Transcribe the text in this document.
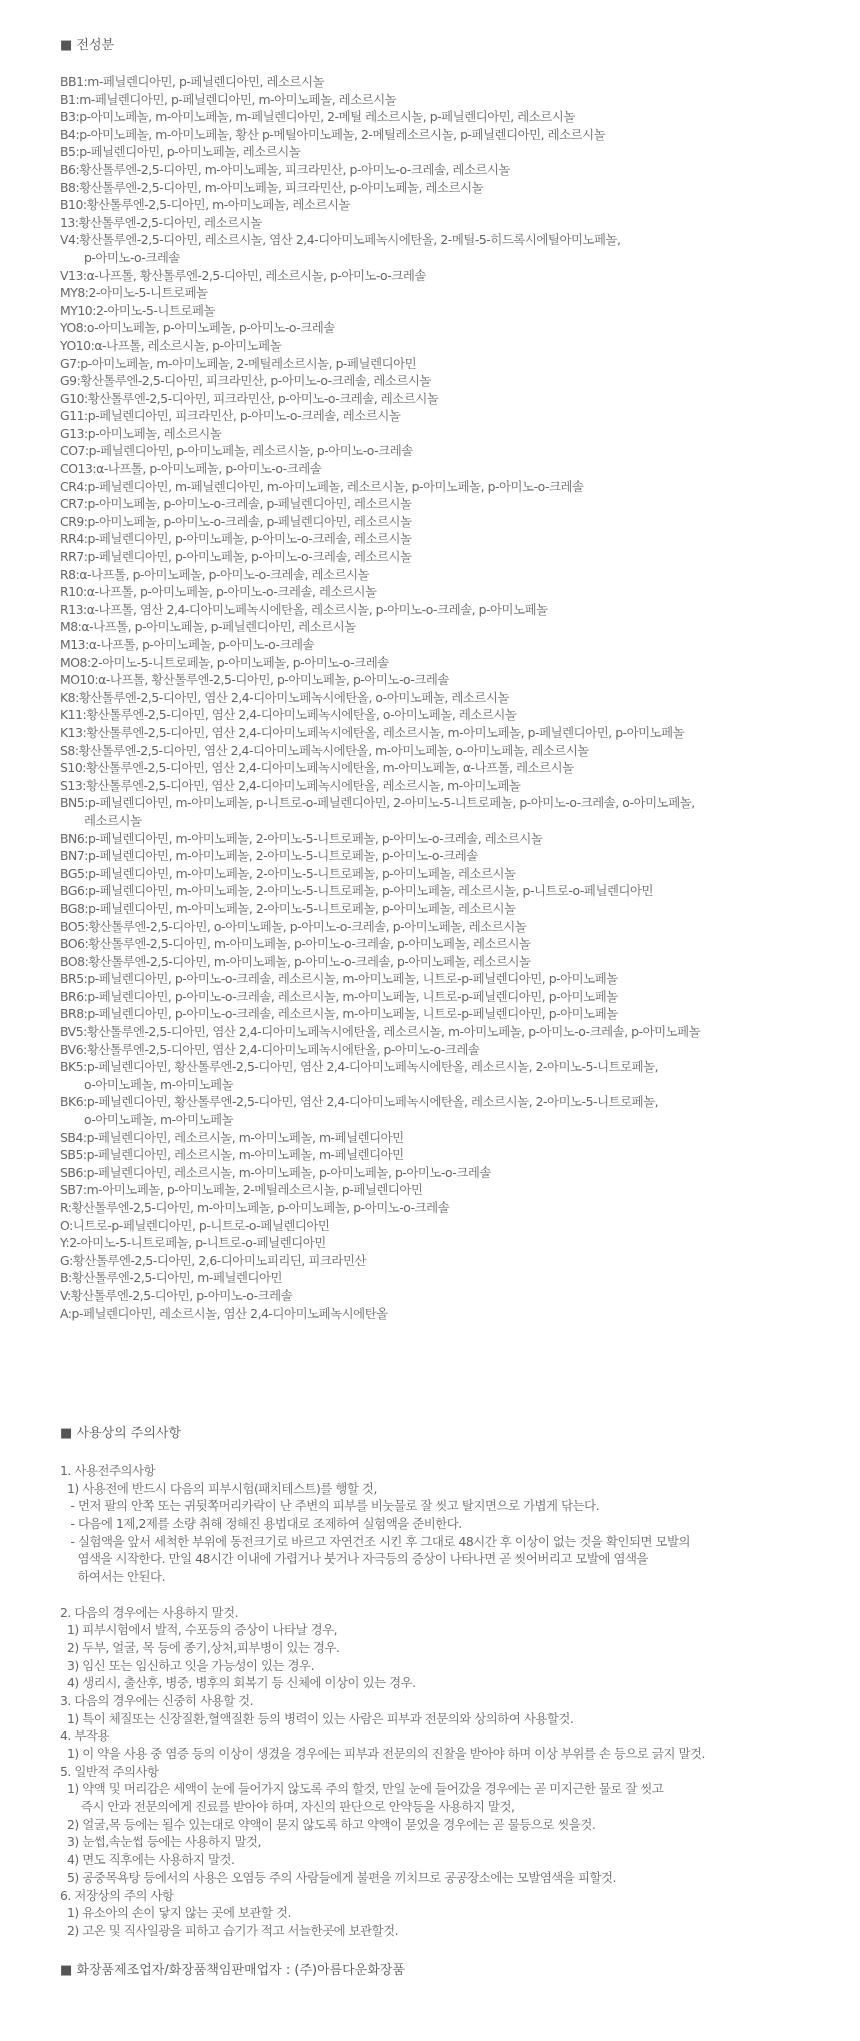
■ 전성분
BB1:m-페닐렌디아민, p-페닐렌디아민, 레소르시놀
B1:m-페닐렌디아민, p-페닐렌디아민, m-아미노페놀, 레소르시놀
B3:p-아미노페놀, m-아미노페놀, m-페닐렌디아민, 2-메틸 레소르시놀, p-페닐렌디아민, 레소르시놀
B4:p-아미노페놀, m-아미노페놀, 황산 p-메틸아미노페놀, 2-메틸레소르시놀, p-페닐렌디아민, 레소르시놀
B5:p-페닐렌디아민, p-아미노페놀, 레소르시놀
B6:황산톨루엔-2,5-디아민, m-아미노페놀, 피크라민산, p-아미노-o-크레솔, 레소르시놀
B8:황산톨루엔-2,5-디아민, m-아미노페놀, 피크라민산, p-아미노페놀, 레소르시놀
B10:황산톨루엔-2,5-디아민, m-아미노페놀, 레소르시놀
13:황산톨루엔-2,5-디아민, 레소르시놀
V4:황산톨루엔-2,5-디아민, 레소르시놀, 염산 2,4-디아미노페녹시에탄올, 2-메틸-5-히드록시에틸아미노페놀,
p-아미노-o-크레솔
V13:α-나프톨, 황산톨루엔-2,5-디아민, 레소르시놀, p-아미노-o-크레솔
MY8:2-아미노-5-니트로페놀
MY10:2-아미노-5-니트로페놀
YO8:o-아미노페놀, p-아미노페놀, p-아미노-o-크레솔
YO10:α-나프톨, 레소르시놀, p-아미노페놀
G7:p-아미노페놀, m-아미노페놀, 2-메틸레소르시놀, p-페닐렌디아민
G9:황산톨루엔-2,5-디아민, 피크라민산, p-아미노-o-크레솔, 레소르시놀
G10:황산톨루엔-2,5-디아민, 피크라민산, p-아미노-o-크레솔, 레소르시놀
G11:p-페닐렌디아민, 피크라민산, p-아미노-o-크레솔, 레소르시놀
G13:p-아미노페놀, 레소르시놀
CO7:p-페닐렌디아민, p-아미노페놀, 레소르시놀, p-아미노-o-크레솔
CO13:α-나프톨, p-아미노페놀, p-아미노-o-크레솔
CR4:p-페닐렌디아민, m-페닐렌디아민, m-아미노페놀, 레소르시놀, p-아미노페놀, p-아미노-o-크레솔
CR7:p-아미노페놀, p-아미노-o-크레솔, p-페닐렌디아민, 레소르시놀
CR9:p-아미노페놀, p-아미노-o-크레솔, p-페닐렌디아민, 레소르시놀
RR4:p-페닐렌디아민, p-아미노페놀, p-아미노-o-크레솔, 레소르시놀
RR7:p-페닐렌디아민, p-아미노페놀, p-아미노-o-크레솔, 레소르시놀
R8:α-나프톨, p-아미노페놀, p-아미노-o-크레솔, 레소르시놀
R10:α-나프톨, p-아미노페놀, p-아미노-o-크레솔, 레소르시놀
R13:α-나프톨, 염산 2,4-디아미노페녹시에탄올, 레소르시놀, p-아미노-o-크레솔, p-아미노페놀
M8:α-나프톨, p-아미노페놀, p-페닐렌디아민, 레소르시놀
M13:α-나프톨, p-아미노페놀, p-아미노-o-크레솔
MO8:2-아미노-5-니트로페놀, p-아미노페놀, p-아미노-o-크레솔
MO10:α-나프톨, 황산톨루엔-2,5-디아민, p-아미노페놀, p-아미노-o-크레솔
K8:황산톨루엔-2,5-디아민, 염산 2,4-디아미노페녹시에탄올, o-아미노페놀, 레소르시놀
K11:황산톨루엔-2,5-디아민, 염산 2,4-디아미노페녹시에탄올, o-아미노페놀, 레소르시놀
K13:황산톨루엔-2,5-디아민, 염산 2,4-디아미노페녹시에탄올, 레소르시놀, m-아미노페놀, p-페닐렌디아민, p-아미노페놀
S8:황산톨루엔-2,5-디아민, 염산 2,4-디아미노페녹시에탄올, m-아미노페놀, o-아미노페놀, 레소르시놀
S10:황산톨루엔-2,5-디아민, 염산 2,4-디아미노페녹시에탄올, m-아미노페놀, α-나프톨, 레소르시놀
S13:황산톨루엔-2,5-디아민, 염산 2,4-디아미노페녹시에탄올, 레소르시놀, m-아미노페놀
BN5:p-페닐렌디아민, m-아미노페놀, p-니트로-o-페닐렌디아민, 2-아미노-5-니트로페놀, p-아미노-o-크레솔, o-아미노페놀,
레소르시놀
BN6:p-페닐렌디아민, m-아미노페놀, 2-아미노-5-니트로페놀, p-아미노-o-크레솔, 레소르시놀
BN7:p-페닐렌디아민, m-아미노페놀, 2-아미노-5-니트로페놀, p-아미노-o-크레솔
BG5:p-페닐렌디아민, m-아미노페놀, 2-아미노-5-니트로페놀, p-아미노페놀, 레소르시놀
BG6:p-페닐렌디아민, m-아미노페놀, 2-아미노-5-니트로페놀, p-아미노페놀, 레소르시놀, p-니트로-o-페닐렌디아민
BG8:p-페닐렌디아민, m-아미노페놀, 2-아미노-5-니트로페놀, p-아미노페놀, 레소르시놀
BO5:황산톨루엔-2,5-디아민, o-아미노페놀, p-아미노-o-크레솔, p-아미노페놀, 레소르시놀
BO6:황산톨루엔-2,5-디아민, m-아미노페놀, p-아미노-o-크레솔, p-아미노페놀, 레소르시놀
BO8:황산톨루엔-2,5-디아민, m-아미노페놀, p-아미노-o-크레솔, p-아미노페놀, 레소르시놀
BR5:p-페닐렌디아민, p-아미노-o-크레솔, 레소르시놀, m-아미노페놀, 니트로-p-페닐렌디아민, p-아미노페놀
BR6:p-페닐렌디아민, p-아미노-o-크레솔, 레소르시놀, m-아미노페놀, 니트로-p-페닐렌디아민, p-아미노페놀
BR8:p-페닐렌디아민, p-아미노-o-크레솔, 레소르시놀, m-아미노페놀, 니트로-p-페닐렌디아민, p-아미노페놀
BV5:황산톨루엔-2,5-디아민, 염산 2,4-디아미노페녹시에탄올, 레소르시놀, m-아미노페놀, p-아미노-o-크레솔, p-아미노페놀
BV6:황산톨루엔-2,5-디아민, 염산 2,4-디아미노페녹시에탄올, p-아미노-o-크레솔
BK5:p-페닐렌디아민, 황산톨루엔-2,5-디아민, 염산 2,4-디아미노페녹시에탄올, 레소르시놀, 2-아미노-5-니트로페놀,
o-아미노페놀, m-아미노페놀
BK6:p-페닐렌디아민, 황산톨루엔-2,5-디아민, 염산 2,4-디아미노페녹시에탄올, 레소르시놀, 2-아미노-5-니트로페놀,
o-아미노페놀, m-아미노페놀
SB4:p-페닐렌디아민, 레소르시놀, m-아미노페놀, m-페닐렌디아민
SB5:p-페닐렌디아민, 레소르시놀, m-아미노페놀, m-페닐렌디아민
SB6:p-페닐렌디아민, 레소르시놀, m-아미노페놀, p-아미노페놀, p-아미노-o-크레솔
SB7:m-아미노페놀, p-아미노페놀, 2-메틸레소르시놀, p-페닐렌디아민
R:황산톨루엔-2,5-디아민, m-아미노페놀, p-아미노페놀, p-아미노-o-크레솔
O:니트로-p-페닐렌디아민, p-니트로-o-페닐렌디아민
Y:2-아미노-5-니트로페놀, p-니트로-o-페닐렌디아민
G:황산톨루엔-2,5-디아민, 2,6-디아미노피리딘, 피크라민산
B:황산톨루엔-2,5-디아민, m-페닐렌디아민
V:황산톨루엔-2,5-디아민, p-아미노-o-크레솔
A:p-페닐렌디아민, 레소르시놀, 염산 2,4-디아미노페녹시에탄올
■ 사용상의 주의사항
1. 사용전주의사항
1) 사용전에 반드시 다음의 피부시험(패치테스트)를 행할 것,
- 먼저 팔의 안쪽 또는 귀뒷쪽머리카락이 난 주변의 피부를 비눗물로 잘 씻고 탈지면으로 가볍게 닦는다.
- 다음에 1제,2제를 소량 취해 정해진 용법대로 조제하여 실험액을 준비한다.
- 실험액을 앞서 세척한 부위에 동전크기로 바르고 자연건조 시킨 후 그대로 48시간 후 이상이 없는 것을 확인되면 모발의
염색을 시작한다. 만일 48시간 이내에 가렵거나 붓거나 자극등의 증상이 나타나면 곧 씻어버리고 모발에 염색을
하여서는 안된다.
2. 다음의 경우에는 사용하지 말것.
1) 피부시험에서 발적, 수포등의 증상이 나타날 경우,
2) 두부, 얼굴, 목 등에 종기,상처,피부병이 있는 경우.
3) 임신 또는 임신하고 잇을 가능성이 있는 경우.
4) 생리시, 출산후, 병중, 병후의 회복기 등 신체에 이상이 있는 경우.
3. 다음의 경우에는 신중히 사용할 것.
1) 특이 체질또는 신장질환,혈액질환 등의 병력이 있는 사람은 피부과 전문의와 상의하여 사용할것.
4. 부작용
1) 이 약을 사용 중 염증 등의 이상이 생겼을 경우에는 피부과 전문의의 진찰을 받아야 하며 이상 부위를 손 등으로 긁지 말것.
5. 일반적 주의사항
1) 약액 및 머리감은 세액이 눈에 들어가지 않도록 주의 할것, 만일 눈에 들어갔을 경우에는 곧 미지근한 물로 잘 씻고
즉시 안과 전문의에게 진료를 받아야 하며, 자신의 판단으로 안약등을 사용하지 말것,
2) 얼굴,목 등에는 될수 있는대로 약액이 묻지 않도록 하고 약액이 묻었을 경우에는 곧 물등으로 씻을것.
3) 눈썹,속눈썹 등에는 사용하지 말것,
4) 면도 직후에는 사용하지 말것.
5) 공중목욕탕 등에서의 사용은 오염등 주의 사람들에게 불편을 끼치므로 공공장소에는 모발염색을 피할것.
6. 저장상의 주의 사항
1) 유소아의 손이 닿지 않는 곳에 보관할 것.
2) 고온 및 직사일광을 피하고 습기가 적고 서늘한곳에 보관할것.
■ 화장품제조업자/화장품책임판매업자 : (주)아름다운화장품
